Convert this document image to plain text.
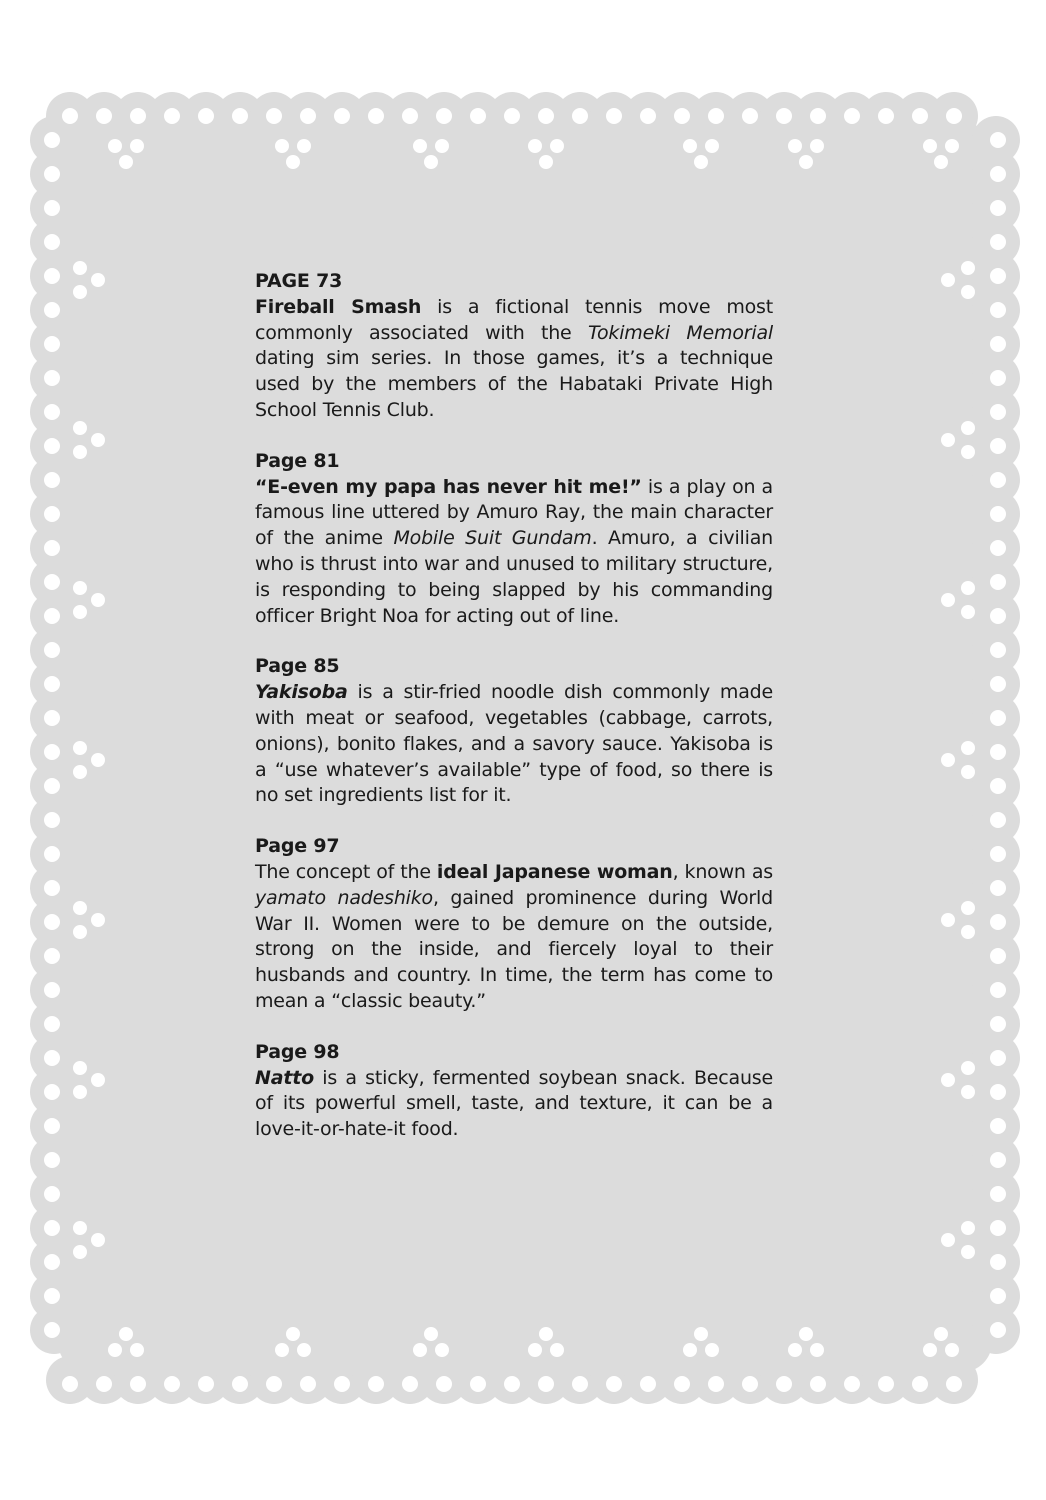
PAGE 73

Fireball Smash is a fictional tennis move most commonly associated with the Tokimeki Memorial dating sim series. In those games, it’s a technique used by the members of the Habataki Private High School Tennis Club.

Page 81

“E-even my papa has never hit me!” is a play on a famous line uttered by Amuro Ray, the main character of the anime Mobile Suit Gundam. Amuro, a civilian who is thrust into war and unused to military structure, is responding to being slapped by his commanding officer Bright Noa for acting out of line.

Page 85

Yakisoba is a stir-fried noodle dish commonly made with meat or seafood, vegetables (cabbage, carrots, onions), bonito flakes, and a savory sauce. Yakisoba is a “use whatever’s available” type of food, so there is no set ingredients list for it.

Page 97

The concept of the ideal Japanese woman, known as yamato nadeshiko, gained prominence during World War II. Women were to be demure on the outside, strong on the inside, and fiercely loyal to their husbands and country. In time, the term has come to mean a “classic beauty.”

Page 98

Natto is a sticky, fermented soybean snack. Because of its powerful smell, taste, and texture, it can be a love-it-or-hate-it food.
